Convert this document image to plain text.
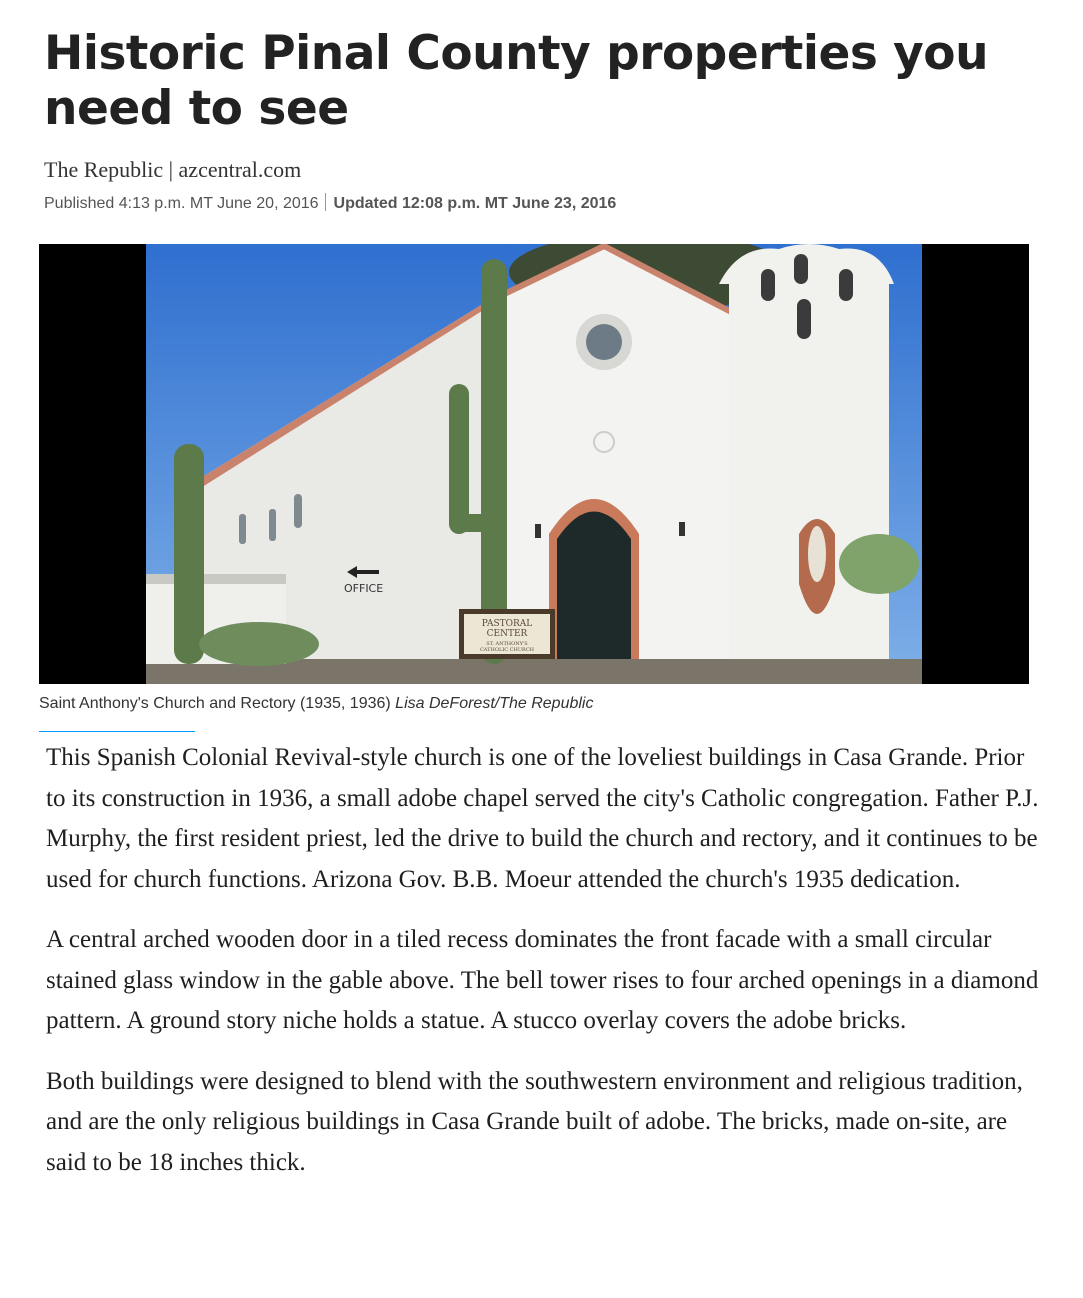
Historic Pinal County properties you need to see
The Republic | azcentral.com
Published 4:13 p.m. MT June 20, 2016 Updated 12:08 p.m. MT June 23, 2016
OFFICE
PASTORAL
CENTER
ST. ANTHONY'S
CATHOLIC CHURCH
Saint Anthony's Church and Rectory (1935, 1936) Lisa DeForest/The Republic

This Spanish Colonial Revival-style church is one of the loveliest buildings in Casa Grande. Prior to its construction in 1936, a small adobe chapel served the city's Catholic congregation. Father P.J. Murphy, the first resident priest, led the drive to build the church and rectory, and it continues to be used for church functions. Arizona Gov. B.B. Moeur attended the church's 1935 dedication.

A central arched wooden door in a tiled recess dominates the front facade with a small circular stained glass window in the gable above. The bell tower rises to four arched openings in a diamond pattern. A ground story niche holds a statue. A stucco overlay covers the adobe bricks.

Both buildings were designed to blend with the southwestern environment and religious tradition, and are the only religious buildings in Casa Grande built of adobe. The bricks, made on-site, are said to be 18 inches thick.
